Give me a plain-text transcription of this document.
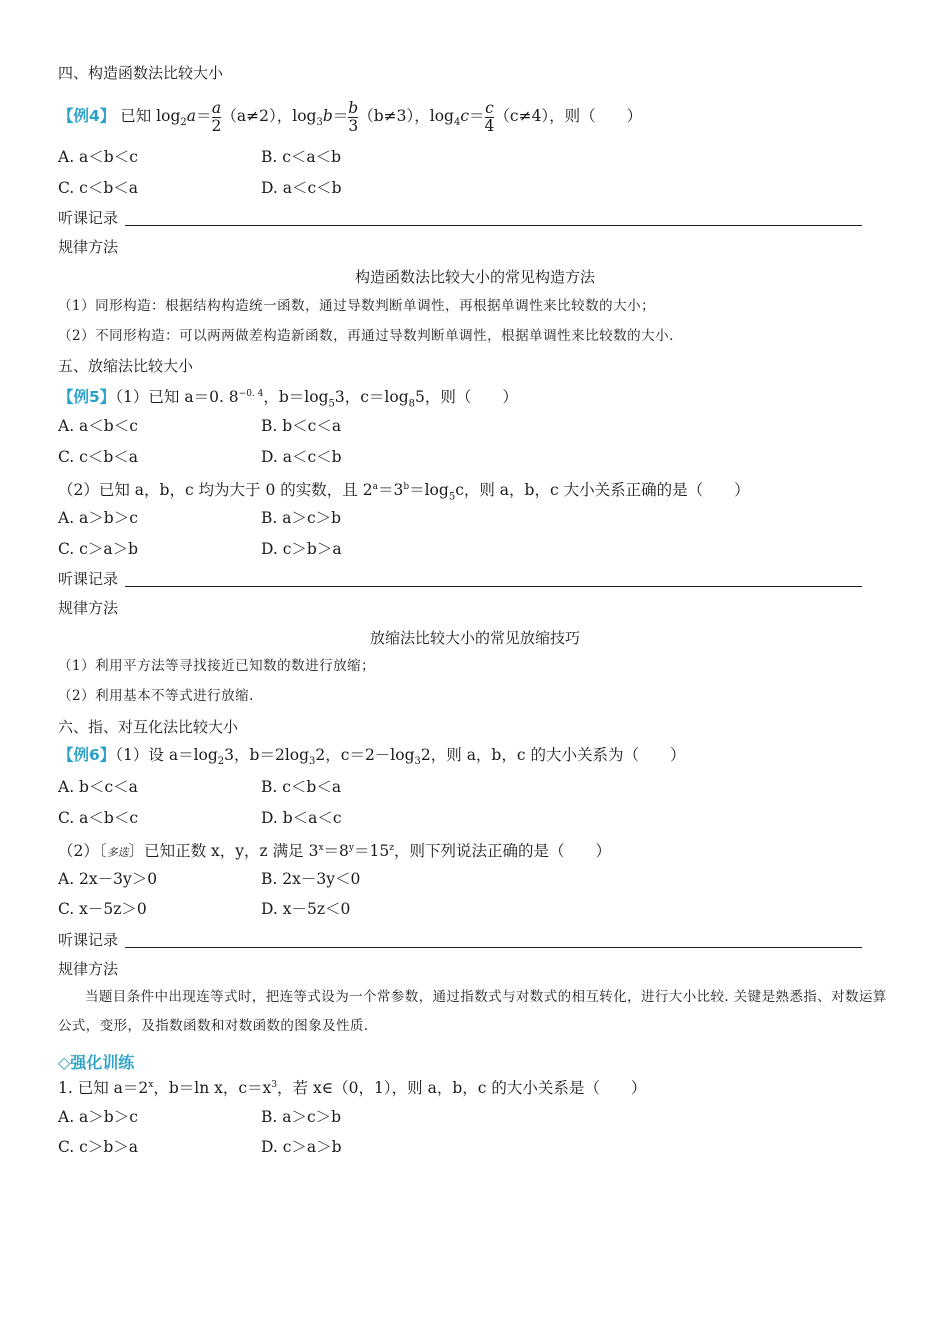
四、构造函数法比较大小
【例4】 已知 $\log_2a= \frac{a}{2} (a\ne 2)$，$\log_3b= \frac{b}{3} (b\ne 3)$，$\log_4c= \frac{c}{4} (c\ne 4)$，则（　　）
A. a＜b＜c	B. c＜a＜b
C. c＜b＜a	D. a＜c＜b
听课记录
规律方法
构造函数法比较大小的常见构造方法
（1）同形构造：根据结构构造统一函数，通过导数判断单调性，再根据单调性来比较数的大小；
（2）不同形构造：可以两两做差构造新函数，再通过导数判断单调性，根据单调性来比较数的大小.
五、放缩法比较大小
【例5】（1）已知 a＝0. $8^{-0. 4}$，$b=\log_53$，$c=\log_85$，则（　　）
A. a＜b＜c	B. b＜c＜a
C. c＜b＜a	D. a＜c＜b
（2）已知 a，b，c 均为大于 0 的实数，且 $2^a=3^b=\log_5c$，则 a，b，c 大小关系正确的是（　　）
A. a＞b＞c	B. a＞c＞b
C. c＞a＞b	D. c＞b＞a
听课记录
规律方法
放缩法比较大小的常见放缩技巧
（1）利用平方法等寻找接近已知数的数进行放缩；
（2）利用基本不等式进行放缩.
六、指、对互化法比较大小
【例6】（1）设 $a=\log_23$，$b=2\log_32$，$c=2-\log_32$，则 a，b，c 的大小关系为（　　）
A. b＜c＜a	B. c＜b＜a
C. a＜b＜c	D. b＜a＜c
（2）〔多选〕已知正数 x，y，z 满足 $3^x=8^y=15^z$，则下列说法正确的是（　　）
A. 2x－3y＞0	B. 2x－3y＜0
C. x－5z＞0	D. x－5z＜0
听课记录
规律方法
当题目条件中出现连等式时，把连等式设为一个常参数，通过指数式与对数式的相互转化，进行大小比较. 关键是熟悉指、对数运算公式，变形，及指数函数和对数函数的图象及性质.
◇强化训练
1. 已知 $a=2^x$，b＝ln x，$c=x^3$，若 x∈（0，1），则 a，b，c 的大小关系是（　　）
A. a＞b＞c	B. a＞c＞b
C. c＞b＞a	D. c＞a＞b
